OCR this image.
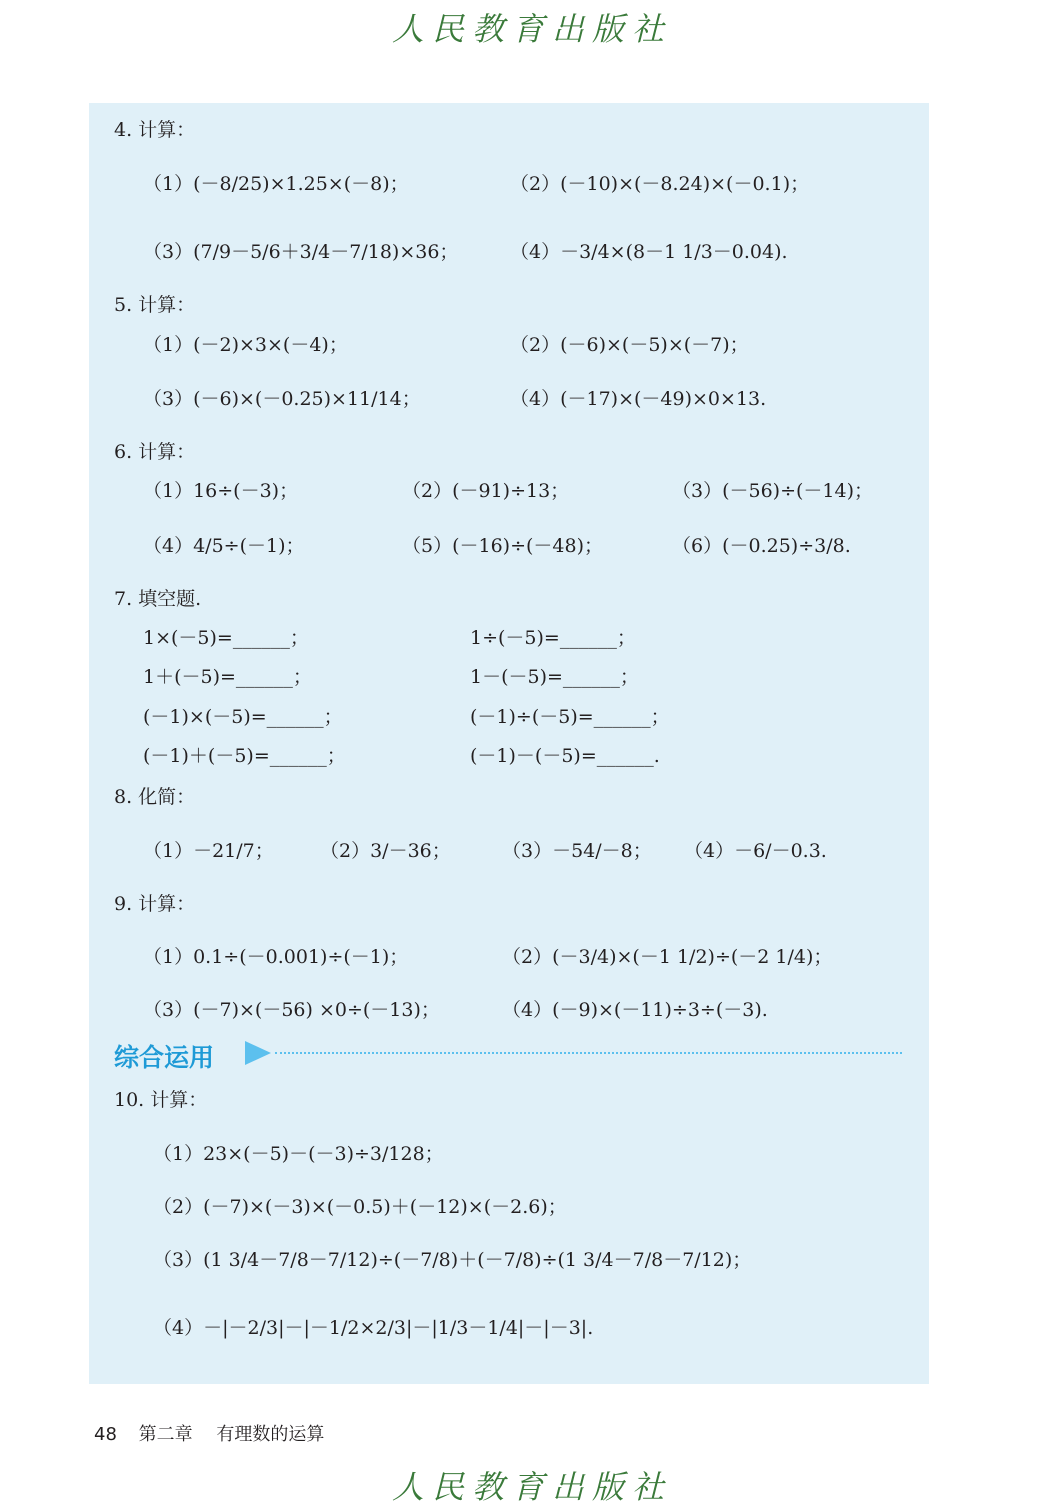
人民教育出版社
4. 计算：
（1）(－8/25)×1.25×(－8)；	（2）(－10)×(－8.24)×(－0.1)；
（3）(7/9－5/6＋3/4－7/18)×36；	（4）－3/4×(8－1 1/3－0.04).
5. 计算：
（1）(－2)×3×(－4)；	（2）(－6)×(－5)×(－7)；
（3）(－6)×(－0.25)×11/14；	（4）(－17)×(－49)×0×13.
6. 计算：
（1）16÷(－3)；	（2）(－91)÷13；	（3）(－56)÷(－14)；
（4）4/5÷(－1)；	（5）(－16)÷(－48)；	（6）(－0.25)÷3/8.
7. 填空题.
1×(－5)=______；	1÷(－5)=______；
1＋(－5)=______；	1－(－5)=______；
(－1)×(－5)=______；	(－1)÷(－5)=______；
(－1)＋(－5)=______；	(－1)－(－5)=______.
8. 化简：
（1）－21/7； （2）3/－36；	（3）－54/－8； （4）－6/－0.3.
9. 计算：
（1）0.1÷(－0.001)÷(－1)；	（2）(－3/4)×(－1 1/2)÷(－2 1/4)；
（3）(－7)×(－56) ×0÷(－13)；	（4）(－9)×(－11)÷3÷(－3).
综合运用
10. 计算：
（1）23×(－5)－(－3)÷3/128；
（2）(－7)×(－3)×(－0.5)＋(－12)×(－2.6)；
（3）(1 3/4－7/8－7/12)÷(－7/8)＋(－7/8)÷(1 3/4－7/8－7/12)；
（4）－|－2/3|－|－1/2×2/3|－|1/3－1/4|－|－3|.
48 第二章 有理数的运算
人民教育出版社
